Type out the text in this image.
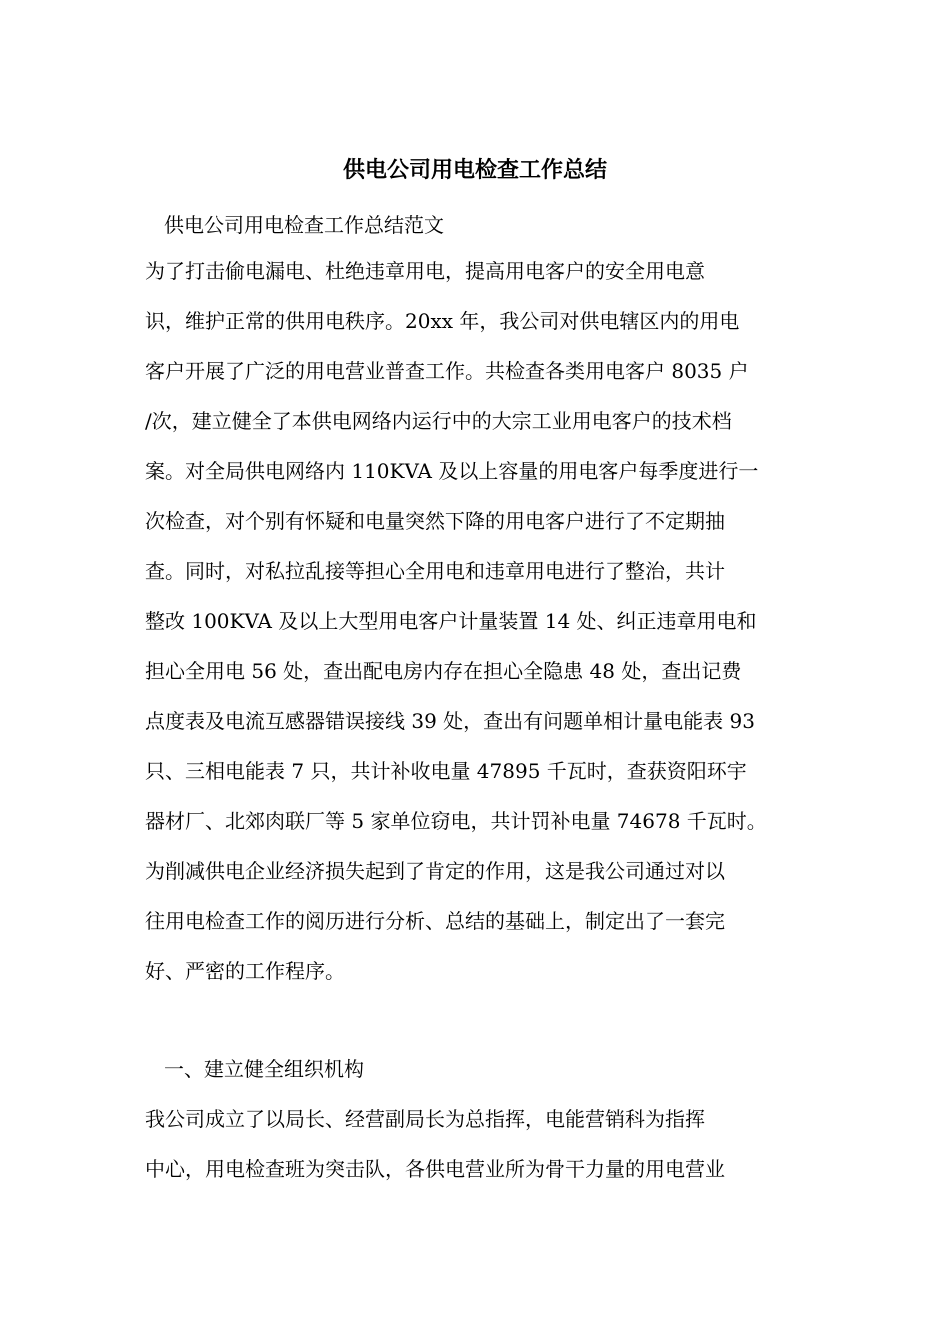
供电公司用电检查工作总结
供电公司用电检查工作总结范文
为了打击偷电漏电、杜绝违章用电，提高用电客户的安全用电意
识，维护正常的供用电秩序。20xx 年，我公司对供电辖区内的用电
客户开展了广泛的用电营业普查工作。共检查各类用电客户 8035 户
/次，建立健全了本供电网络内运行中的大宗工业用电客户的技术档
案。对全局供电网络内 110KVA 及以上容量的用电客户每季度进行一
次检查，对个别有怀疑和电量突然下降的用电客户进行了不定期抽
查。同时，对私拉乱接等担心全用电和违章用电进行了整治，共计
整改 100KVA 及以上大型用电客户计量装置 14 处、纠正违章用电和
担心全用电 56 处，查出配电房内存在担心全隐患 48 处，查出记费
点度表及电流互感器错误接线 39 处，查出有问题单相计量电能表 93
只、三相电能表 7 只，共计补收电量 47895 千瓦时，查获资阳环宇
器材厂、北郊肉联厂等 5 家单位窃电，共计罚补电量 74678 千瓦时。
为削减供电企业经济损失起到了肯定的作用，这是我公司通过对以
往用电检查工作的阅历进行分析、总结的基础上，制定出了一套完
好、严密的工作程序。
一、建立健全组织机构
我公司成立了以局长、经营副局长为总指挥，电能营销科为指挥
中心，用电检查班为突击队，各供电营业所为骨干力量的用电营业
